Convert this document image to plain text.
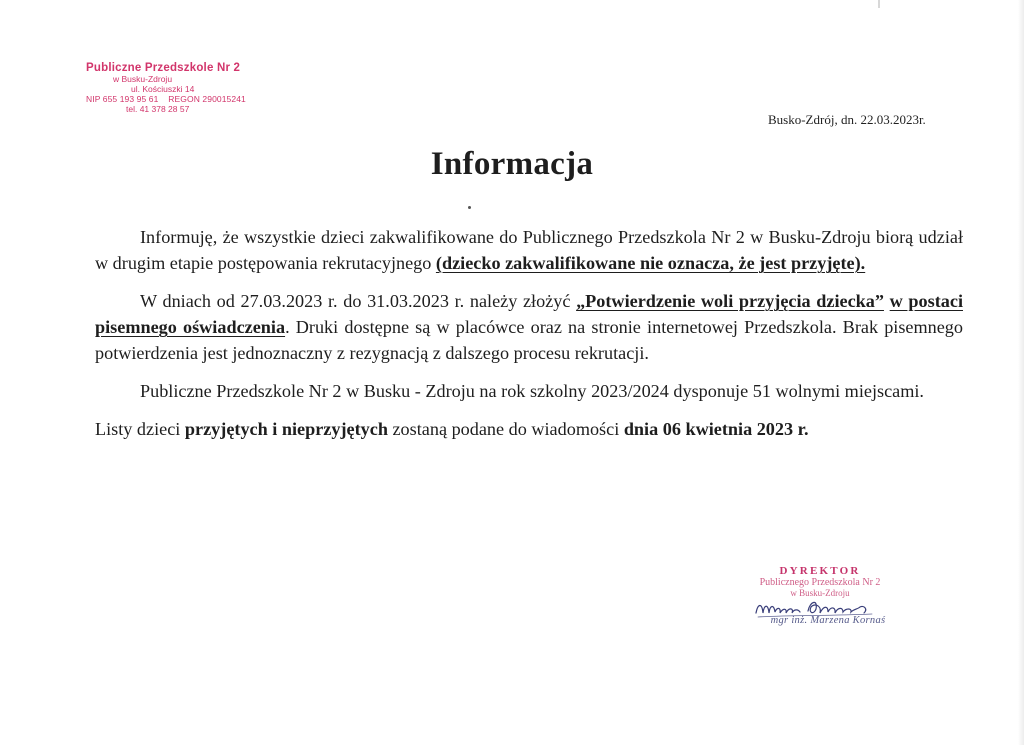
Publiczne Przedszkole Nr 2
w Busku-Zdroju
ul. Kościuszki 14
NIP 655 193 95 61    REGON 290015241
tel. 41 378 28 57
Busko-Zdrój, dn. 22.03.2023r.
Informacja

Informuję, że wszystkie dzieci zakwalifikowane do Publicznego Przedszkola Nr 2 w Busku-Zdroju biorą udział w drugim etapie postępowania rekrutacyjnego (dziecko zakwalifikowane nie oznacza, że jest przyjęte).

W dniach od 27.03.2023 r. do 31.03.2023 r. należy złożyć „Potwierdzenie woli przyjęcia dziecka” w postaci pisemnego oświadczenia. Druki dostępne są w placówce oraz na stronie internetowej Przedszkola. Brak pisemnego potwierdzenia jest jednoznaczny z rezygnacją z dalszego procesu rekrutacji.

Publiczne Przedszkole Nr 2 w Busku - Zdroju na rok szkolny 2023/2024 dysponuje 51 wolnymi miejscami.

Listy dzieci przyjętych i nieprzyjętych zostaną podane do wiadomości dnia 06 kwietnia 2023 r.

DYREKTOR
Publicznego Przedszkola Nr 2
w Busku-Zdroju
mgr inż. Marzena Kornaś
